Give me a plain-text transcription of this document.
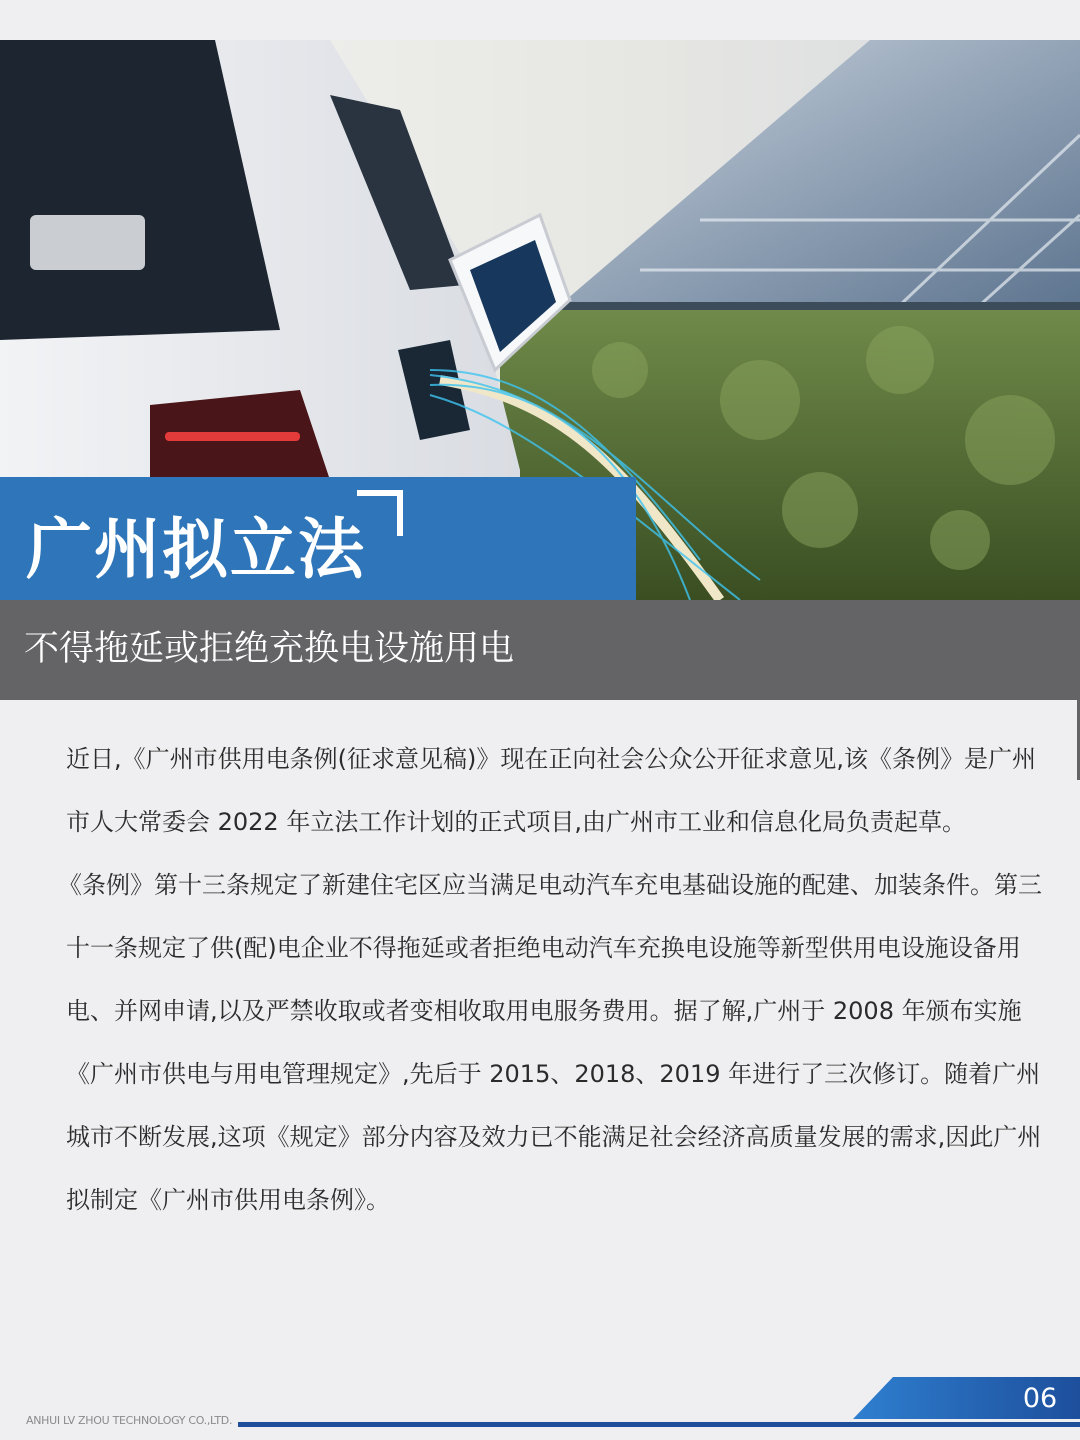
广州拟立法
不得拖延或拒绝充换电设施用电

近日,《广州市供用电条例(征求意见稿)》现在正向社会公众公开征求意见,该《条例》是广州市人大常委会 2022 年立法工作计划的正式项目,由广州市工业和信息化局负责起草。

《条例》第十三条规定了新建住宅区应当满足电动汽车充电基础设施的配建、加装条件。第三十一条规定了供(配)电企业不得拖延或者拒绝电动汽车充换电设施等新型供用电设施设备用电、并网申请,以及严禁收取或者变相收取用电服务费用。据了解,广州于 2008 年颁布实施《广州市供电与用电管理规定》,先后于 2015、2018、2019 年进行了三次修订。随着广州城市不断发展,这项《规定》部分内容及效力已不能满足社会经济高质量发展的需求,因此广州拟制定《广州市供用电条例》。

ANHUI LV ZHOU TECHNOLOGY CO.,LTD.
06
